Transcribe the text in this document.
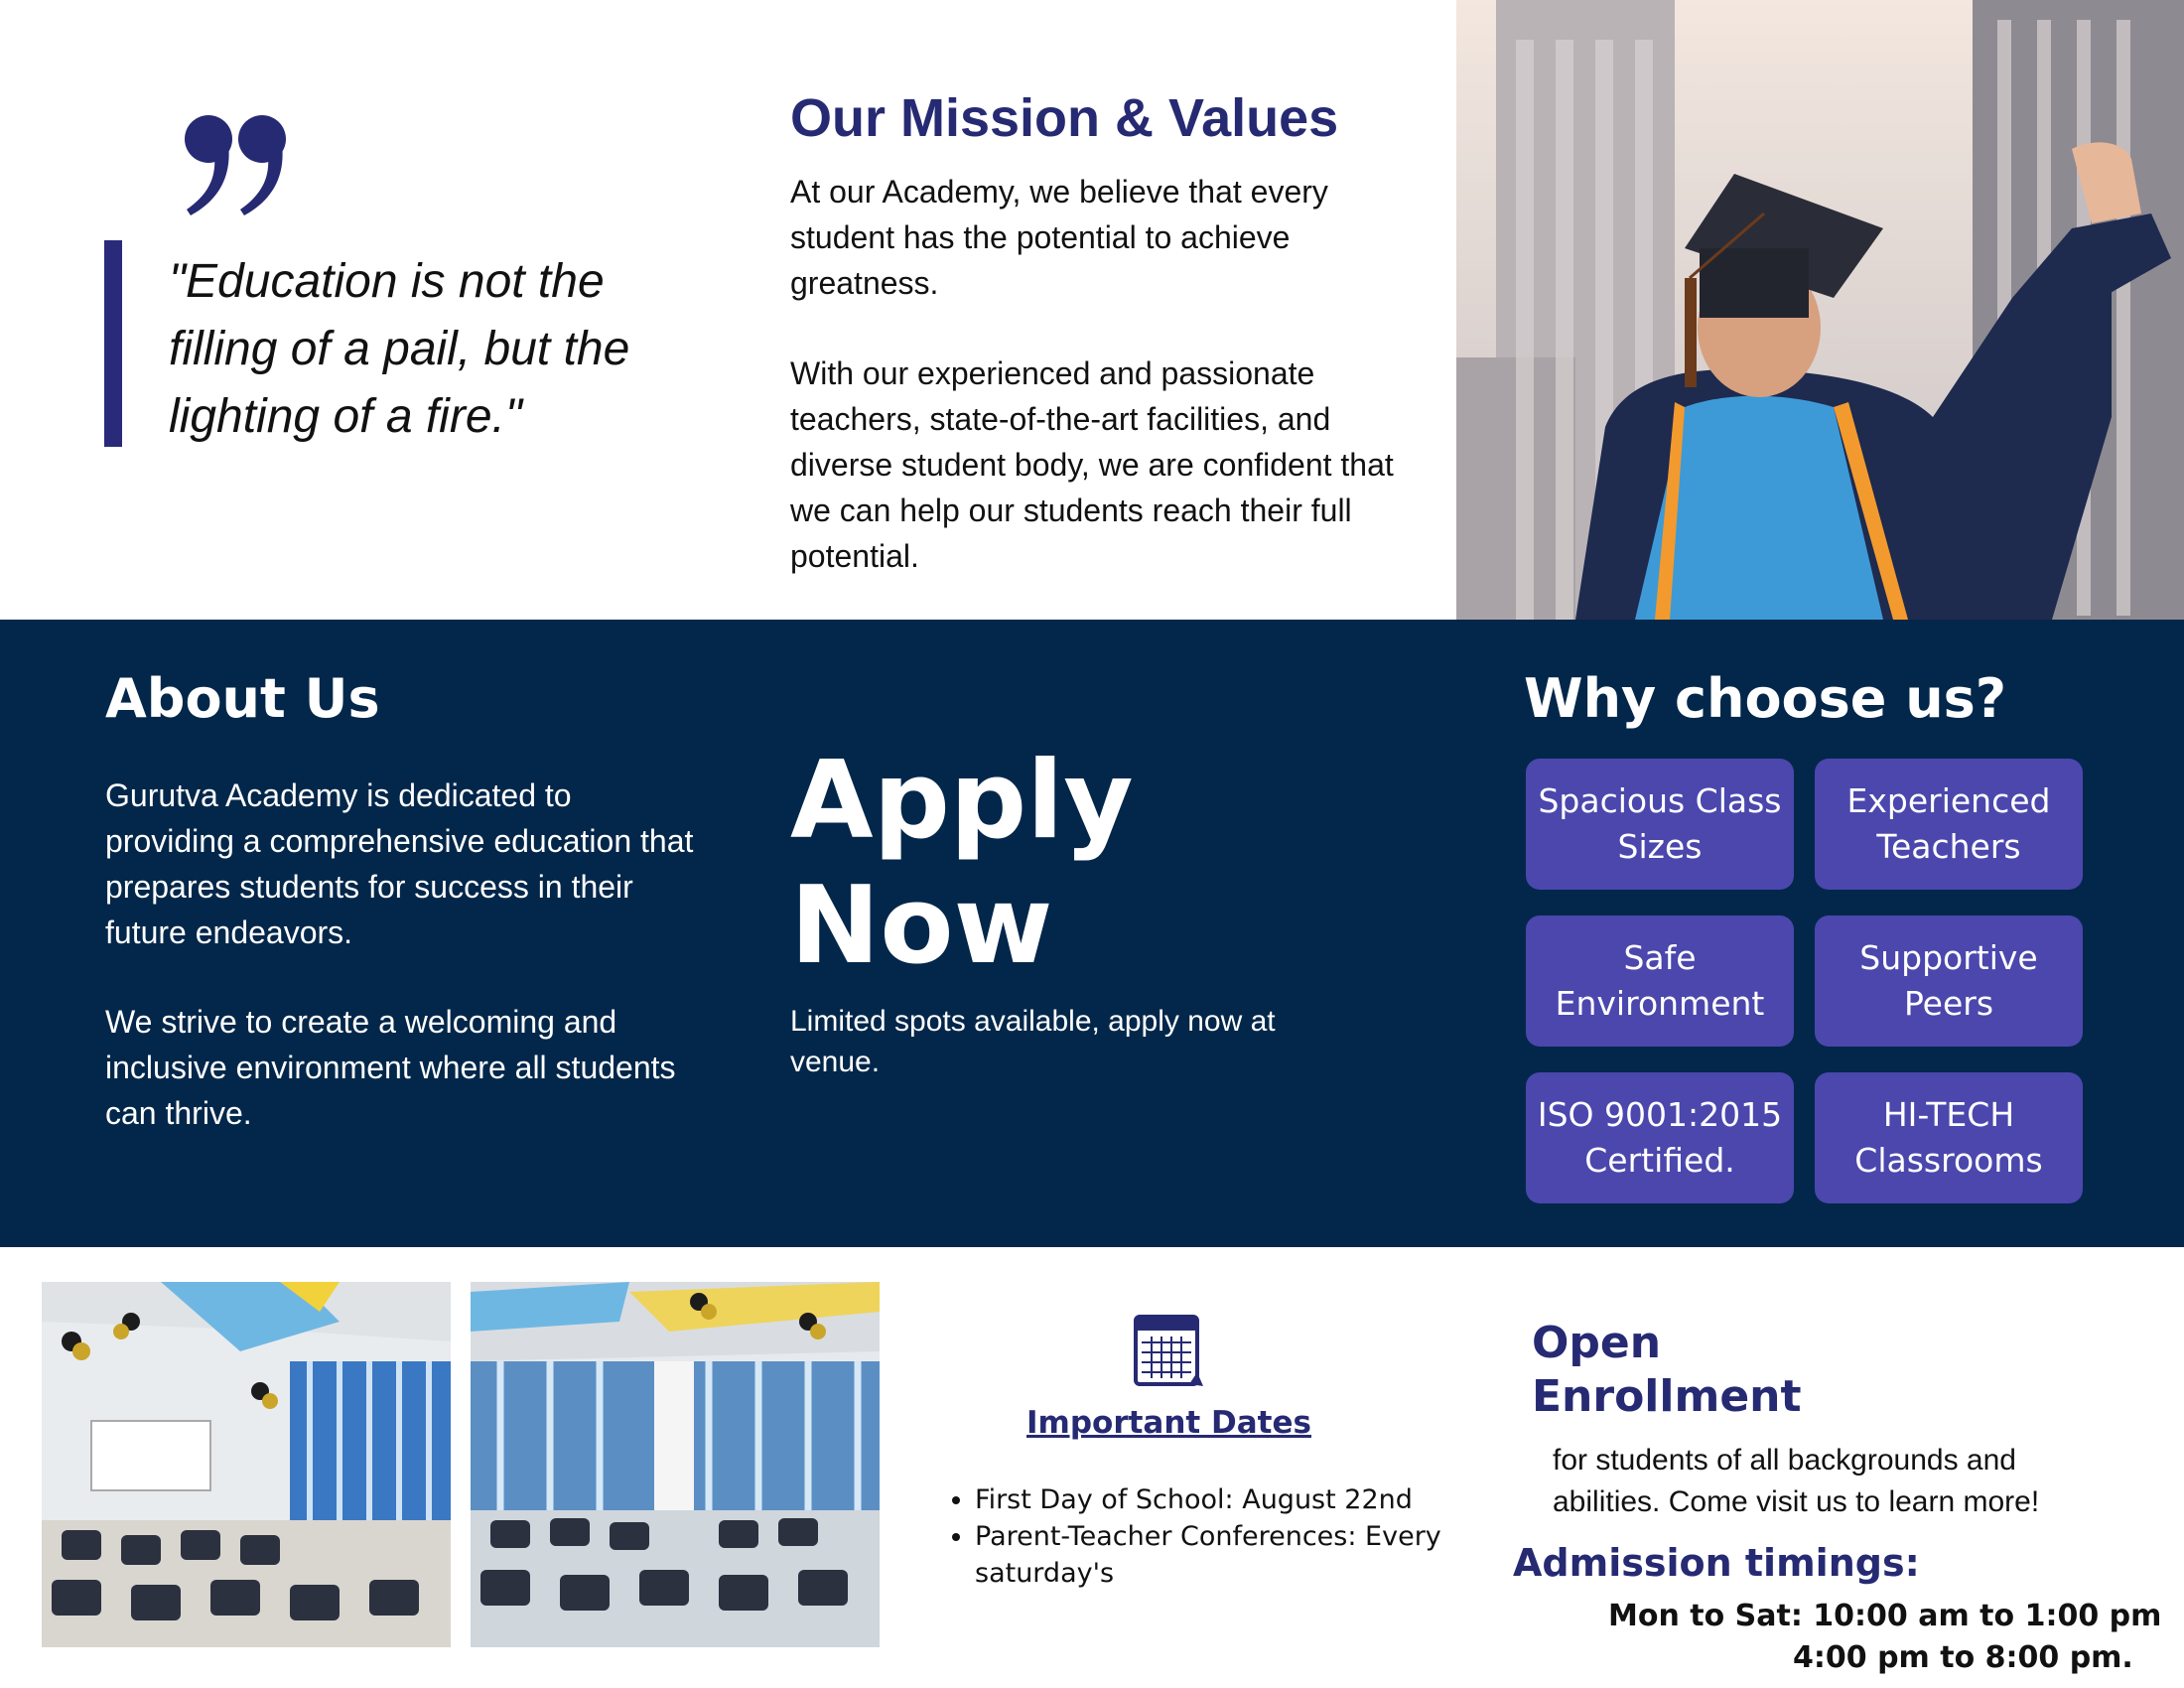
"Education is not the filling of a pail, but the lighting of a fire."
Our Mission & Values
At our Academy, we believe that every student has the potential to achieve greatness.
With our experienced and passionate teachers, state-of-the-art facilities, and diverse student body, we are confident that we can help our students reach their full potential.
About Us
Gurutva Academy is dedicated to providing a comprehensive education that prepares students for success in their future endeavors.
We strive to create a welcoming and inclusive environment where all students can thrive.
Apply Now
Limited spots available, apply now at venue.
Why choose us?
Spacious Class Sizes
Experienced Teachers
Safe Environment
Supportive Peers
ISO 9001:2015 Certified.
HI-TECH Classrooms
Important Dates
• First Day of School: August 22nd
• Parent-Teacher Conferences: Every saturday's
Open Enrollment
for students of all backgrounds and abilities. Come visit us to learn more!
Admission timings:
Mon to Sat: 10:00 am to 1:00 pm
4:00 pm to 8:00 pm.
